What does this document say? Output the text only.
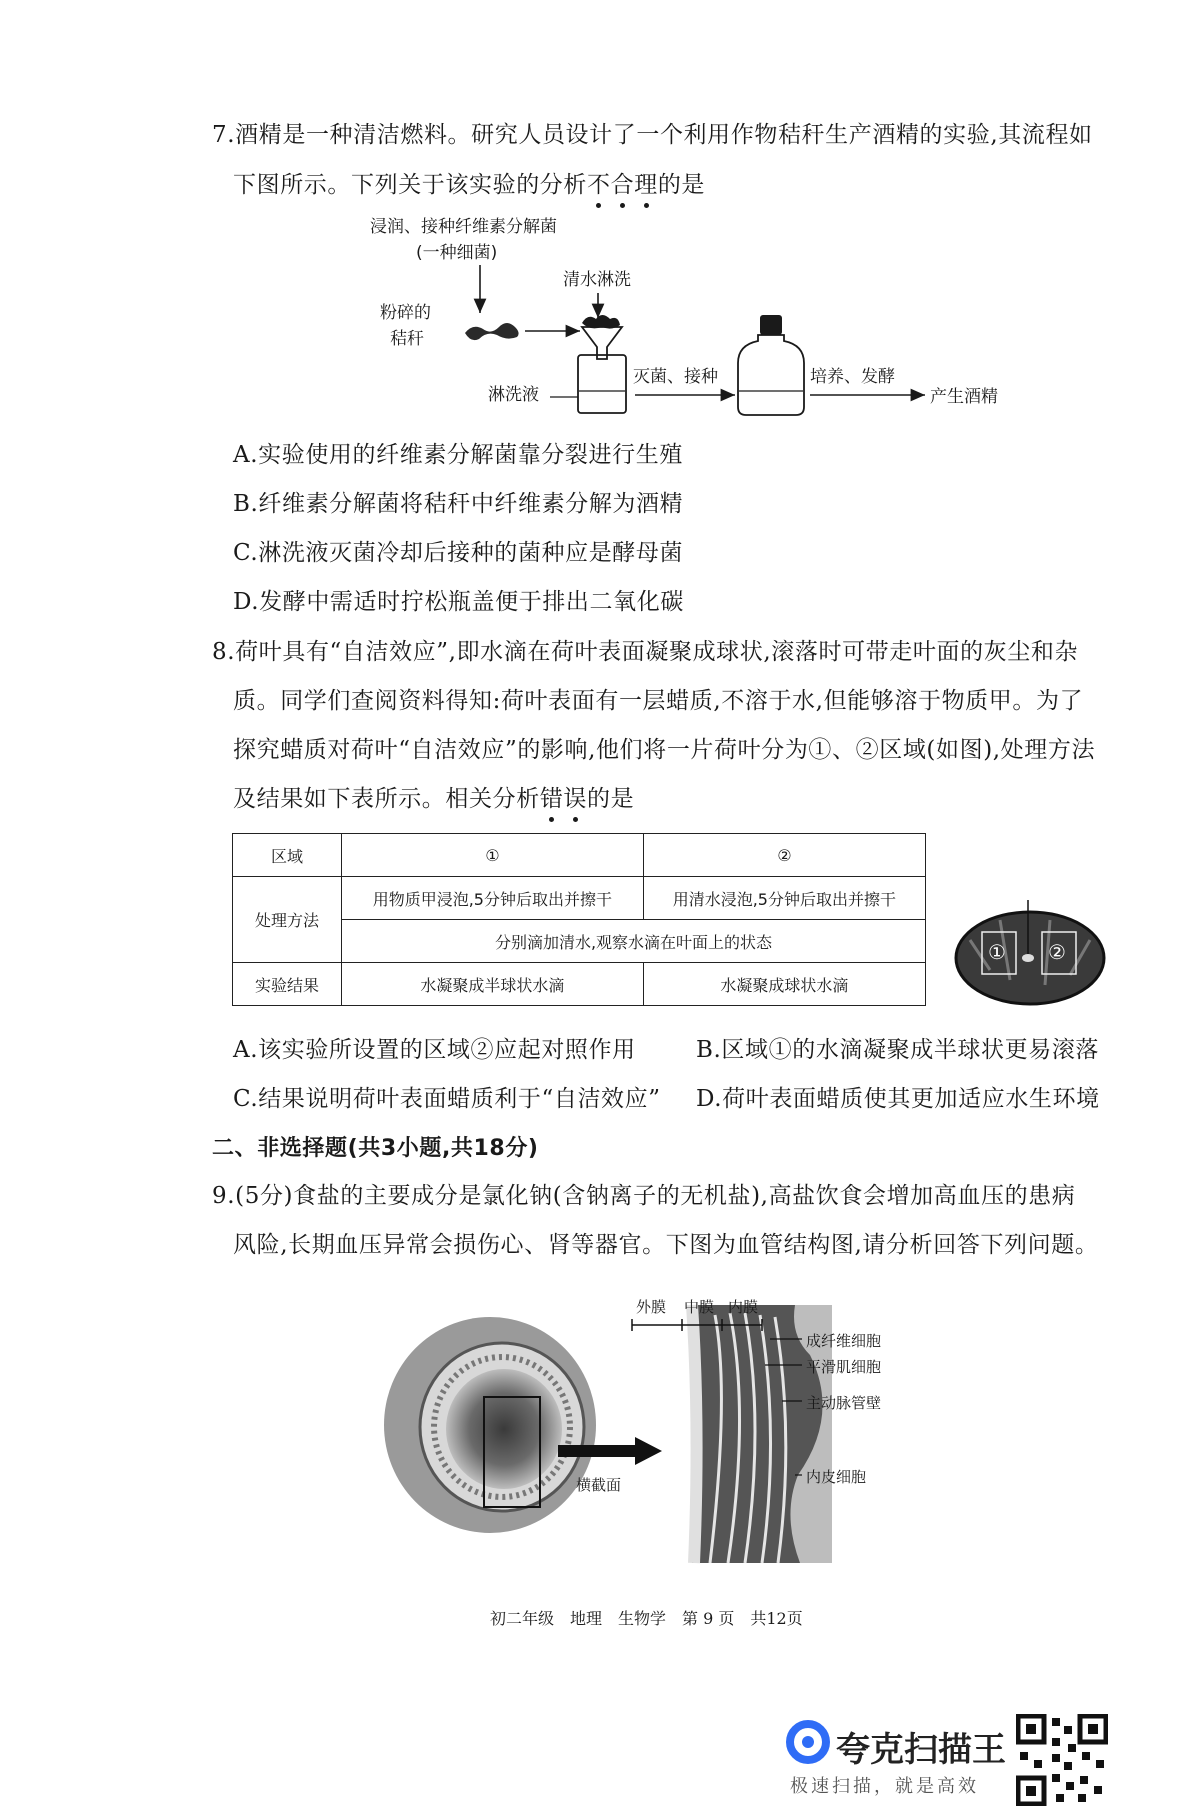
7.酒精是一种清洁燃料。研究人员设计了一个利用作物秸秆生产酒精的实验,其流程如
下图所示。下列关于该实验的分析不合理的是
浸润、接种纤维素分解菌
(一种细菌)
清水淋洗
粉碎的
秸秆
淋洗液
灭菌、接种	培养、发酵
产生酒精
A.实验使用的纤维素分解菌靠分裂进行生殖
B.纤维素分解菌将秸秆中纤维素分解为酒精
C.淋洗液灭菌冷却后接种的菌种应是酵母菌
D.发酵中需适时拧松瓶盖便于排出二氧化碳
8.荷叶具有“自洁效应”,即水滴在荷叶表面凝聚成球状,滚落时可带走叶面的灰尘和杂
质。同学们查阅资料得知:荷叶表面有一层蜡质,不溶于水,但能够溶于物质甲。为了
探究蜡质对荷叶“自洁效应”的影响,他们将一片荷叶分为①、②区域(如图),处理方法
及结果如下表所示。相关分析错误的是
区域	①	②
处理方法	用物质甲浸泡,5分钟后取出并擦干	用清水浸泡,5分钟后取出并擦干
	分别滴加清水,观察水滴在叶面上的状态	
实验结果	水凝聚成半球状水滴	水凝聚成球状水滴
① ②
A.该实验所设置的区域②应起对照作用	B.区域①的水滴凝聚成半球状更易滚落
C.结果说明荷叶表面蜡质利于“自洁效应” D.荷叶表面蜡质使其更加适应水生环境
二、非选择题(共3小题,共18分)
9.(5分)食盐的主要成分是氯化钠(含钠离子的无机盐),高盐饮食会增加高血压的患病
风险,长期血压异常会损伤心、肾等器官。下图为血管结构图,请分析回答下列问题。
横截面
外膜 中膜 内膜
成纤维细胞
平滑肌细胞
主动脉管壁
内皮细胞
初二年级　地理　生物学　第 9 页　共12页
夸克扫描王
极速扫描，就是高效
